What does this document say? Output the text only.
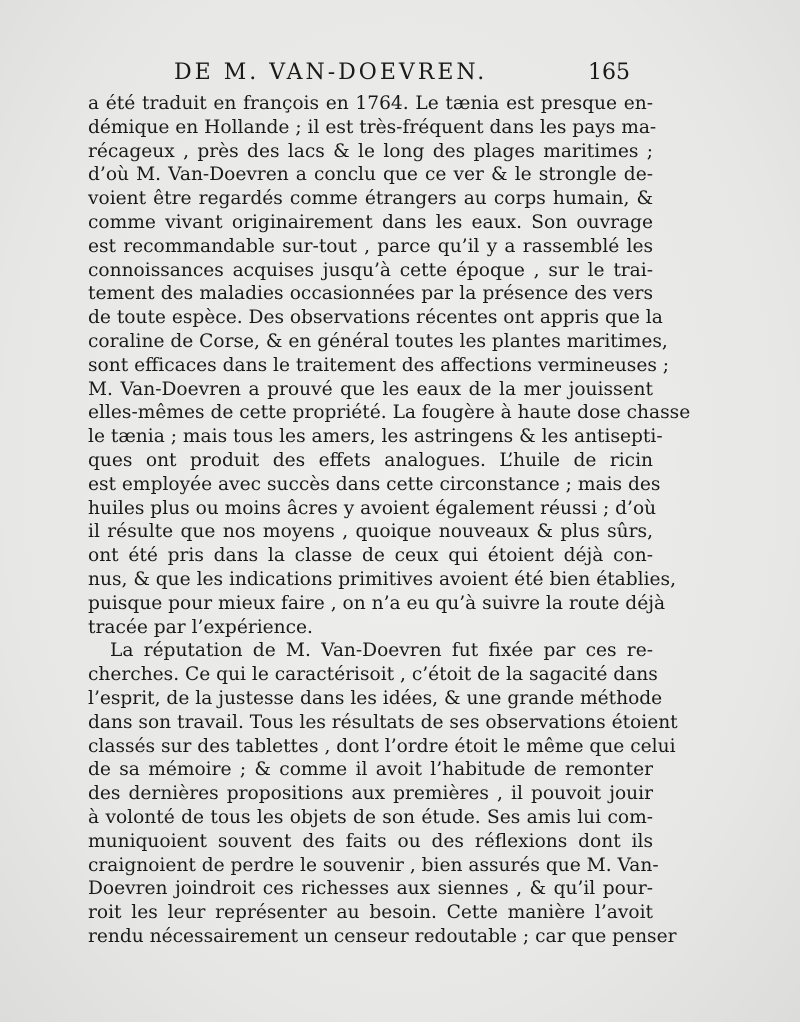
DE M. VAN-DOEVREN.	165
a été traduit en françois en 1764. Le tænia est presque en-
démique en Hollande ; il est très-fréquent dans les pays ma-
récageux , près des lacs & le long des plages maritimes ;
d’où M. Van-Doevren a conclu que ce ver & le strongle de-
voient être regardés comme étrangers au corps humain, &
comme vivant originairement dans les eaux. Son ouvrage
est recommandable sur-tout , parce qu’il y a rassemblé les
connoissances acquises jusqu’à cette époque , sur le trai-
tement des maladies occasionnées par la présence des vers
de toute espèce. Des observations récentes ont appris que la
coraline de Corse, & en général toutes les plantes maritimes,
sont efficaces dans le traitement des affections vermineuses ;
M. Van-Doevren a prouvé que les eaux de la mer jouissent
elles-mêmes de cette propriété. La fougère à haute dose chasse
le tænia ; mais tous les amers, les astringens & les antisepti-
ques ont produit des effets analogues. L’huile de ricin
est employée avec succès dans cette circonstance ; mais des
huiles plus ou moins âcres y avoient également réussi ; d’où
il résulte que nos moyens , quoique nouveaux & plus sûrs,
ont été pris dans la classe de ceux qui étoient déjà con-
nus, & que les indications primitives avoient été bien établies,
puisque pour mieux faire , on n’a eu qu’à suivre la route déjà
tracée par l’expérience.
La réputation de M. Van-Doevren fut fixée par ces re-
cherches. Ce qui le caractérisoit , c’étoit de la sagacité dans
l’esprit, de la justesse dans les idées, & une grande méthode
dans son travail. Tous les résultats de ses observations étoient
classés sur des tablettes , dont l’ordre étoit le même que celui
de sa mémoire ; & comme il avoit l’habitude de remonter
des dernières propositions aux premières , il pouvoit jouir
à volonté de tous les objets de son étude. Ses amis lui com-
muniquoient souvent des faits ou des réflexions dont ils
craignoient de perdre le souvenir , bien assurés que M. Van-
Doevren joindroit ces richesses aux siennes , & qu’il pour-
roit les leur représenter au besoin. Cette manière l’avoit
rendu nécessairement un censeur redoutable ; car que penser
